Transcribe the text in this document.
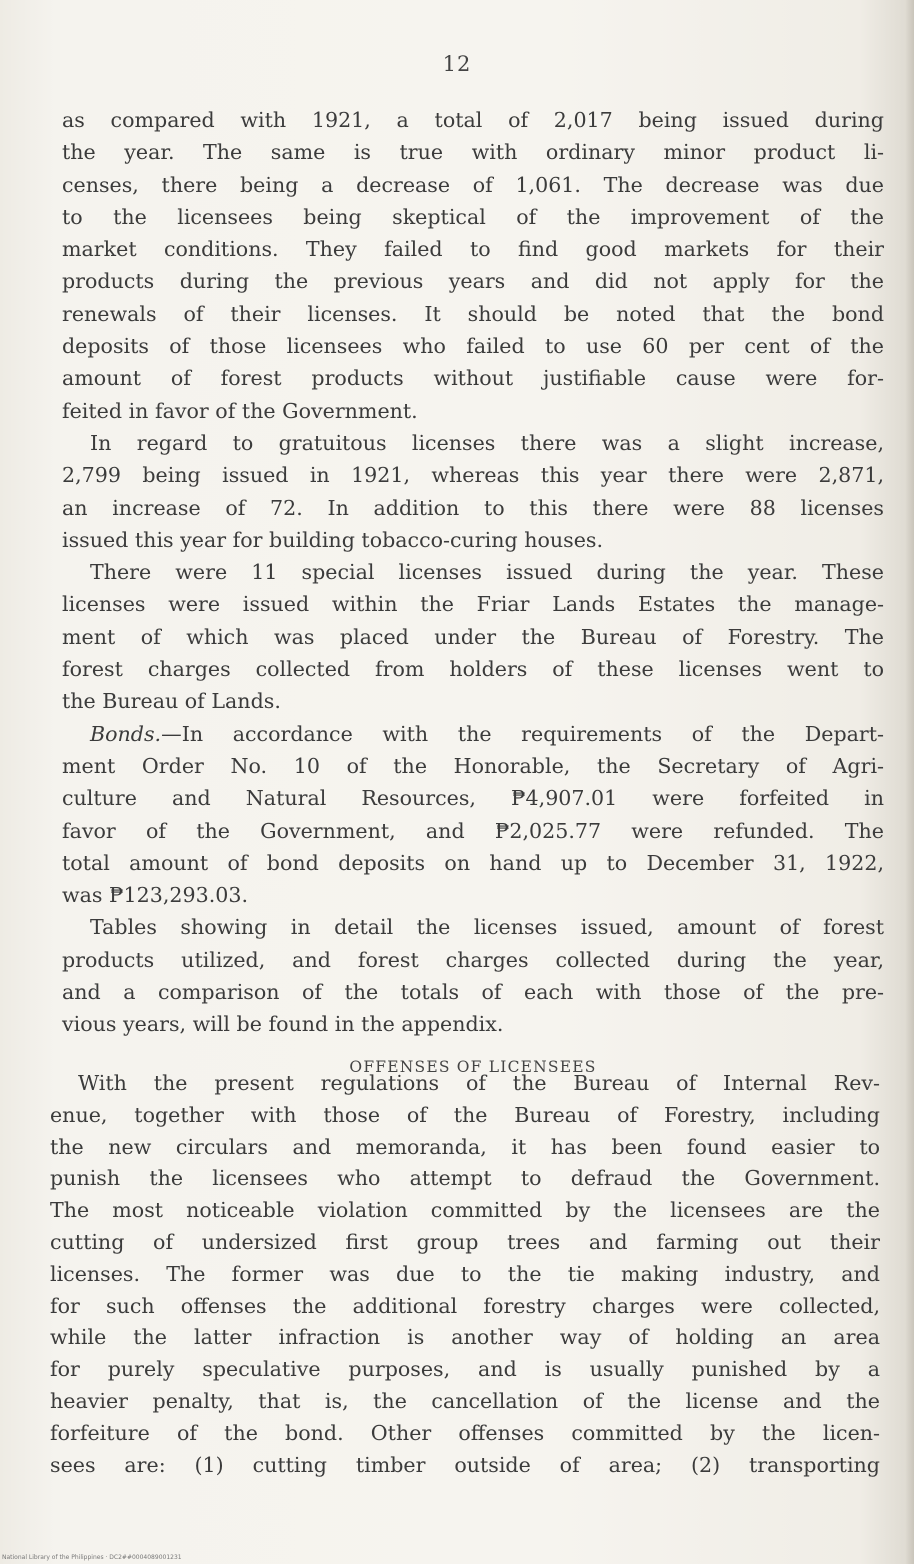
12
as compared with 1921, a total of 2,017 being issued during
the year. The same is true with ordinary minor product li-
censes, there being a decrease of 1,061. The decrease was due
to the licensees being skeptical of the improvement of the
market conditions. They failed to find good markets for their
products during the previous years and did not apply for the
renewals of their licenses. It should be noted that the bond
deposits of those licensees who failed to use 60 per cent of the
amount of forest products without justifiable cause were for-
feited in favor of the Government.
In regard to gratuitous licenses there was a slight increase,
2,799 being issued in 1921, whereas this year there were 2,871,
an increase of 72. In addition to this there were 88 licenses
issued this year for building tobacco-curing houses.
There were 11 special licenses issued during the year. These
licenses were issued within the Friar Lands Estates the manage-
ment of which was placed under the Bureau of Forestry. The
forest charges collected from holders of these licenses went to
the Bureau of Lands.
Bonds.—In accordance with the requirements of the Depart-
ment Order No. 10 of the Honorable, the Secretary of Agri-
culture and Natural Resources, ₱4,907.01 were forfeited in
favor of the Government, and ₱2,025.77 were refunded. The
total amount of bond deposits on hand up to December 31, 1922,
was ₱123,293.03.
Tables showing in detail the licenses issued, amount of forest
products utilized, and forest charges collected during the year,
and a comparison of the totals of each with those of the pre-
vious years, will be found in the appendix.
OFFENSES OF LICENSEES
With the present regulations of the Bureau of Internal Rev-
enue, together with those of the Bureau of Forestry, including
the new circulars and memoranda, it has been found easier to
punish the licensees who attempt to defraud the Government.
The most noticeable violation committed by the licensees are the
cutting of undersized first group trees and farming out their
licenses. The former was due to the tie making industry, and
for such offenses the additional forestry charges were collected,
while the latter infraction is another way of holding an area
for purely speculative purposes, and is usually punished by a
heavier penalty, that is, the cancellation of the license and the
forfeiture of the bond. Other offenses committed by the licen-
sees are: (1) cutting timber outside of area; (2) transporting
National Library of the Philippines · DC2##0004089001231
